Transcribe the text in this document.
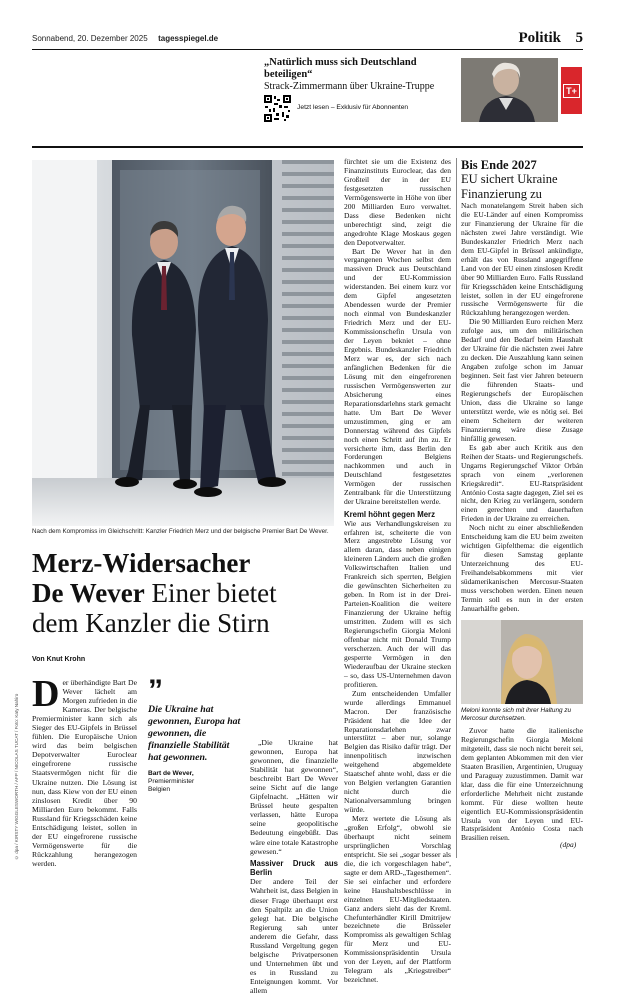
Sonnabend, 20. Dezember 2025 tagesspiegel.de	Politik 5
„Natürlich muss sich Deutschland beteiligen“
Strack-Zimmermann über Ukraine-Truppe
Jetzt lesen – Exklusiv für Abonnenten
T+
Nach dem Kompromiss im Gleichschritt: Kanzler Friedrich Merz und der belgische Premier Bart De Wever.
© dpa / KIRSTY WIGGLESWORTH / AFP / NICOLAS TUCAT / Foto: Katy Nahiro
Merz-Widersacher
De Wever Einer bietet
dem Kanzler die Stirn
Von Knut Krohn
Der überhändigte Bart De Wever lächelt am Morgen zufrieden in die Kameras. Der belgische Premierminister kann sich als Sieger des EU-Gipfels in Brüssel fühlen. Die Europäische Union wird das beim belgischen Depotverwalter Euroclear eingefrorene russische Staatsvermögen nicht für die Ukraine nutzen. Die Lösung ist nun, dass Kiew von der EU einen zinslosen Kredit über 90 Milliarden Euro bekommt. Falls Russland für Kriegsschäden keine Entschädigung leistet, sollen in der EU eingefrorene russische Vermögenswerte für die Rückzahlung herangezogen werden.
”
Die Ukraine hat gewonnen, Europa hat gewonnen, die finanzielle Stabilität hat gewonnen.
Bart de Wever,
Premierminister Belgien

„Die Ukraine hat gewonnen, Europa hat gewonnen, die finanzielle Stabilität hat gewonnen“, beschreibt Bart De Wever seine Sicht auf die lange Gipfelnacht. „Hätten wir Brüssel heute gespalten verlassen, hätte Europa seine geopolitische Bedeutung eingebüßt. Das wäre eine totale Katastrophe gewesen.“

Massiver Druck aus Berlin

Der andere Teil der Wahrheit ist, dass Belgien in dieser Frage überhaupt erst den Spaltpilz an die Union gelegt hat. Die belgische Regierung sah unter anderem die Gefahr, dass Russland Vergeltung gegen belgische Privatpersonen und Unternehmen übt und es in Russland zu Enteignungen kommt. Vor allem

fürchtet sie um die Existenz des Finanzinstituts Euroclear, das den Großteil der in der EU festgesetzten russischen Vermögenswerte in Höhe von über 200 Milliarden Euro verwaltet. Dass diese Bedenken nicht unberechtigt sind, zeigt die angedrohte Klage Moskaus gegen den Depotverwalter.

Bart De Wever hat in den vergangenen Wochen selbst dem massiven Druck aus Deutschland und der EU-Kommission widerstanden. Bei einem kurz vor dem Gipfel angesetzten Abendessen wurde der Premier noch einmal von Bundeskanzler Friedrich Merz und der EU-Kommissionschefin Ursula von der Leyen bekniet – ohne Ergebnis. Bundeskanzler Friedrich Merz war es, der sich nach anfänglichen Bedenken für die Lösung mit den eingefrorenen russischen Vermögenswerten zur Absicherung eines Reparationsdarlehns stark gemacht hatte. Um Bart De Wever umzustimmen, ging er am Donnerstag während des Gipfels noch einen Schritt auf ihn zu. Er versicherte ihm, dass Berlin den Forderungen Belgiens nachkommen und auch in Deutschland festgesetztes Vermögen der russischen Zentralbank für die Unterstützung der Ukraine bereitstellen werde.

Kreml höhnt gegen Merz

Wie aus Verhandlungskreisen zu erfahren ist, scheiterte die von Merz angestrebte Lösung vor allem daran, dass neben einigen kleineren Ländern auch die großen Volkswirtschaften Italien und Frankreich sich sperrten, Belgien die gewünschten Sicherheiten zu geben. In Rom ist in der Drei-Parteien-Koalition die weitere Finanzierung der Ukraine heftig umstritten. Zudem will es sich Regierungschefin Giorgia Meloni offenbar nicht mit Donald Trump verscherzen. Auch der will das gesperrte Vermögen in den Wiederaufbau der Ukraine stecken – so, dass US-Unternehmen davon profitieren.

Zum entscheidenden Umfaller wurde allerdings Emmanuel Macron. Der französische Präsident hat die Idee der Reparationsdarlehen zwar unterstützt – aber nur, solange Belgien das Risiko dafür trägt. Der innenpolitisch inzwischen weitgehend abgemeldete Staatschef ahnte wohl, dass er die von Belgien verlangten Garantien nicht durch die Nationalversammlung bringen würde.

Merz wertete die Lösung als „großen Erfolg“, obwohl sie überhaupt nicht seinem ursprünglichen Vorschlag entspricht. Sie sei „sogar besser als die, die ich vorgeschlagen habe“, sagte er dem ARD-„Tagesthemen“. Sie sei einfacher und erfordere keine Haushaltsbeschlüsse in einzelnen EU-Mitgliedstaaten. Ganz anders sieht das der Kreml. Chefunterhändler Kirill Dmitrijew bezeichnete die Brüsseler Kompromiss als gewaltigen Schlag für Merz und EU-Kommissionspräsidentin Ursula von der Leyen, auf der Plattform Telegram als „Kriegstreiber“ bezeichnet.

Bis Ende 2027
EU sichert Ukraine Finanzierung zu

Nach monatelangem Streit haben sich die EU-Länder auf einen Kompromiss zur Finanzierung der Ukraine für die nächsten zwei Jahre verständigt. Wie Bundeskanzler Friedrich Merz nach dem EU-Gipfel in Brüssel ankündigte, erhält das von Russland angegriffene Land von der EU einen zinslosen Kredit über 90 Milliarden Euro. Falls Russland für Kriegsschäden keine Entschädigung leistet, sollen in der EU eingefrorene russische Vermögenswerte für die Rückzahlung herangezogen werden.

Die 90 Milliarden Euro reichen Merz zufolge aus, um den militärischen Bedarf und den Bedarf beim Haushalt der Ukraine für die nächsten zwei Jahre zu decken. Die Auszahlung kann seinen Angaben zufolge schon im Januar beginnen. Seit fast vier Jahren beteuern die führenden Staats- und Regierungschefs der Europäischen Union, dass die Ukraine so lange unterstützt werde, wie es nötig sei. Bei einem Scheitern der weiteren Finanzierung wäre diese Zusage hinfällig gewesen.

Es gab aber auch Kritik aus den Reihen der Staats- und Regierungschefs. Ungarns Regierungschef Viktor Orbán sprach von einem „verlorenen Kriegskredit“. EU-Ratspräsident António Costa sagte dagegen, Ziel sei es nicht, den Krieg zu verlängern, sondern einen gerechten und dauerhaften Frieden in der Ukraine zu erreichen.

Noch nicht zu einer abschließenden Entscheidung kam die EU beim zweiten wichtigen Gipfelthema: die eigentlich für diesen Samstag geplante Unterzeichnung des EU-Freihandelsabkommens mit vier südamerikanischen Mercosur-Staaten muss verschoben werden. Einen neuen Termin soll es nun in der ersten Januarhälfte geben.

Meloni konnte sich mit ihrer Haltung zu Mercosur durchsetzen.

Zuvor hatte die italienische Regierungschefin Giorgia Meloni mitgeteilt, dass sie noch nicht bereit sei, dem geplanten Abkommen mit den vier Staaten Brasilien, Argentinien, Uruguay und Paraguay zuzustimmen. Damit war klar, dass die für eine Unterzeichnung erforderliche Mehrheit nicht zustande kommt. Für diese wollten heute eigentlich EU-Kommissionspräsidentin Ursula von der Leyen und EU-Ratspräsident António Costa nach Brasilien reisen.

(dpa)
